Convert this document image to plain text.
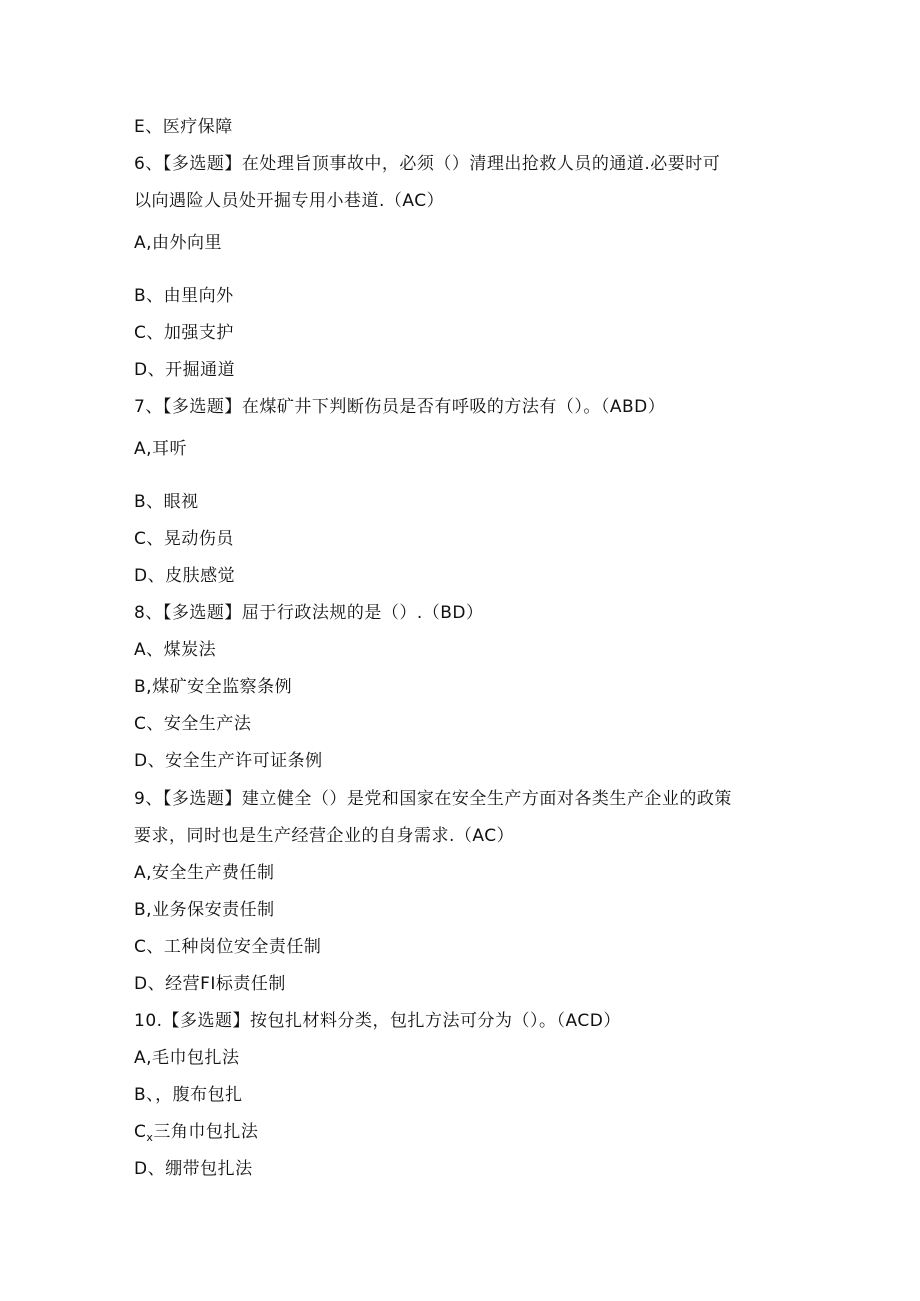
E、医疗保障
6、【多选题】在处理旨顶事故中，必须（）清理出抢救人员的通道.必要时可
以向遇险人员处开掘专用小巷道.（AC）
A,由外向里
B、由里向外
C、加强支护
D、开掘通道
7、【多选题】在煤矿井下判断伤员是否有呼吸的方法有（）。（ABD）
A,耳听
B、眼视
C、晃动伤员
D、皮肤感觉
8、【多选题】屈于行政法规的是（）.（BD）
A、煤炭法
B,煤矿安全监察条例
C、安全生产法
D、安全生产许可证条例
9、【多选题】建立健全（）是党和国家在安全生产方面对各类生产企业的政策
要求，同时也是生产经营企业的自身需求.（AC）
A,安全生产费任制
B,业务保安责任制
C、工种岗位安全责任制
D、经营FI标责任制
10.【多选题】按包扎材料分类，包扎方法可分为（）。（ACD）
A,毛巾包扎法
B、，腹布包扎
$C_x$三角巾包扎法
D、绷带包扎法
